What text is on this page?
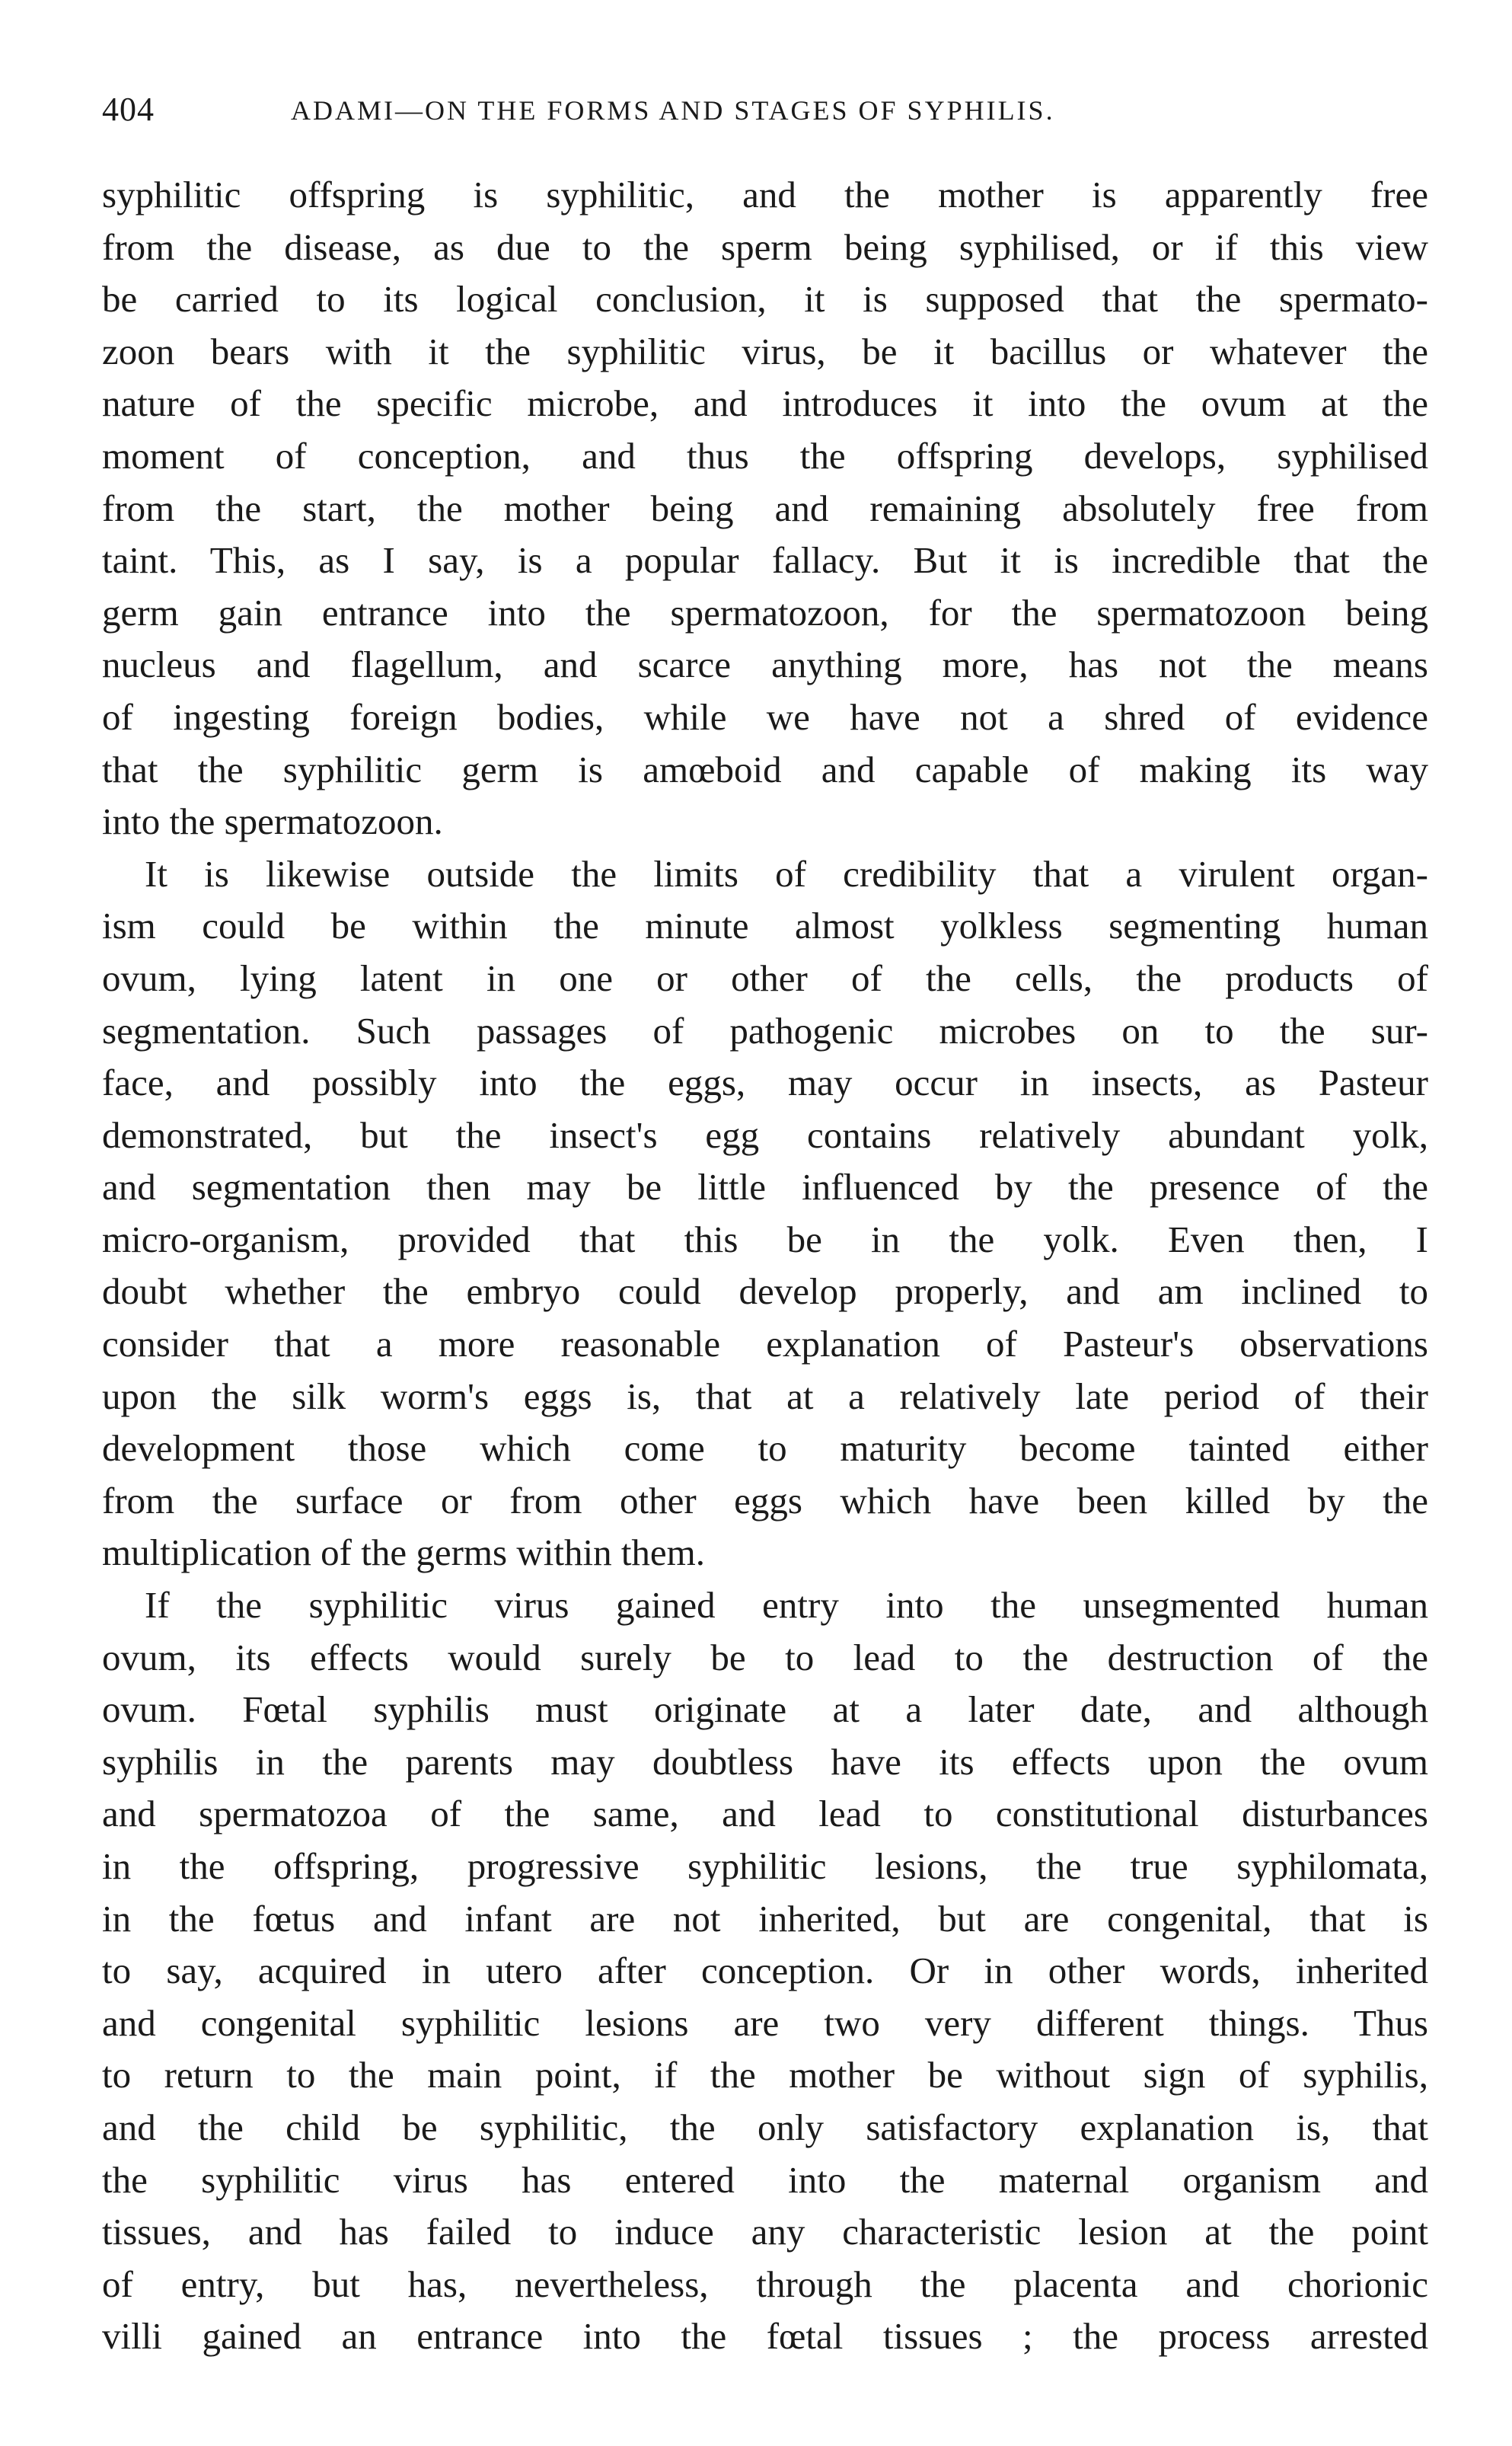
404	ADAMI—ON THE FORMS AND STAGES OF SYPHILIS.
syphilitic offspring is syphilitic, and the mother is apparently free
from the disease, as due to the sperm being syphilised, or if this view
be carried to its logical conclusion, it is supposed that the spermato-
zoon bears with it the syphilitic virus, be it bacillus or whatever the
nature of the specific microbe, and introduces it into the ovum at the
moment of conception, and thus the offspring develops, syphilised
from the start, the mother being and remaining absolutely free from
taint. This, as I say, is a popular fallacy. But it is incredible that the
germ gain entrance into the spermatozoon, for the spermatozoon being
nucleus and flagellum, and scarce anything more, has not the means
of ingesting foreign bodies, while we have not a shred of evidence
that the syphilitic germ is amœboid and capable of making its way
into the spermatozoon.
It is likewise outside the limits of credibility that a virulent organ-
ism could be within the minute almost yolkless segmenting human
ovum, lying latent in one or other of the cells, the products of
segmentation. Such passages of pathogenic microbes on to the sur-
face, and possibly into the eggs, may occur in insects, as Pasteur
demonstrated, but the insect's egg contains relatively abundant yolk,
and segmentation then may be little influenced by the presence of the
micro-organism, provided that this be in the yolk. Even then, I
doubt whether the embryo could develop properly, and am inclined to
consider that a more reasonable explanation of Pasteur's observations
upon the silk worm's eggs is, that at a relatively late period of their
development those which come to maturity become tainted either
from the surface or from other eggs which have been killed by the
multiplication of the germs within them.
If the syphilitic virus gained entry into the unsegmented human
ovum, its effects would surely be to lead to the destruction of the
ovum. Fœtal syphilis must originate at a later date, and although
syphilis in the parents may doubtless have its effects upon the ovum
and spermatozoa of the same, and lead to constitutional disturbances
in the offspring, progressive syphilitic lesions, the true syphilomata,
in the fœtus and infant are not inherited, but are congenital, that is
to say, acquired in utero after conception. Or in other words, inherited
and congenital syphilitic lesions are two very different things. Thus
to return to the main point, if the mother be without sign of syphilis,
and the child be syphilitic, the only satisfactory explanation is, that
the syphilitic virus has entered into the maternal organism and
tissues, and has failed to induce any characteristic lesion at the point
of entry, but has, nevertheless, through the placenta and chorionic
villi gained an entrance into the fœtal tissues ; the process arrested
